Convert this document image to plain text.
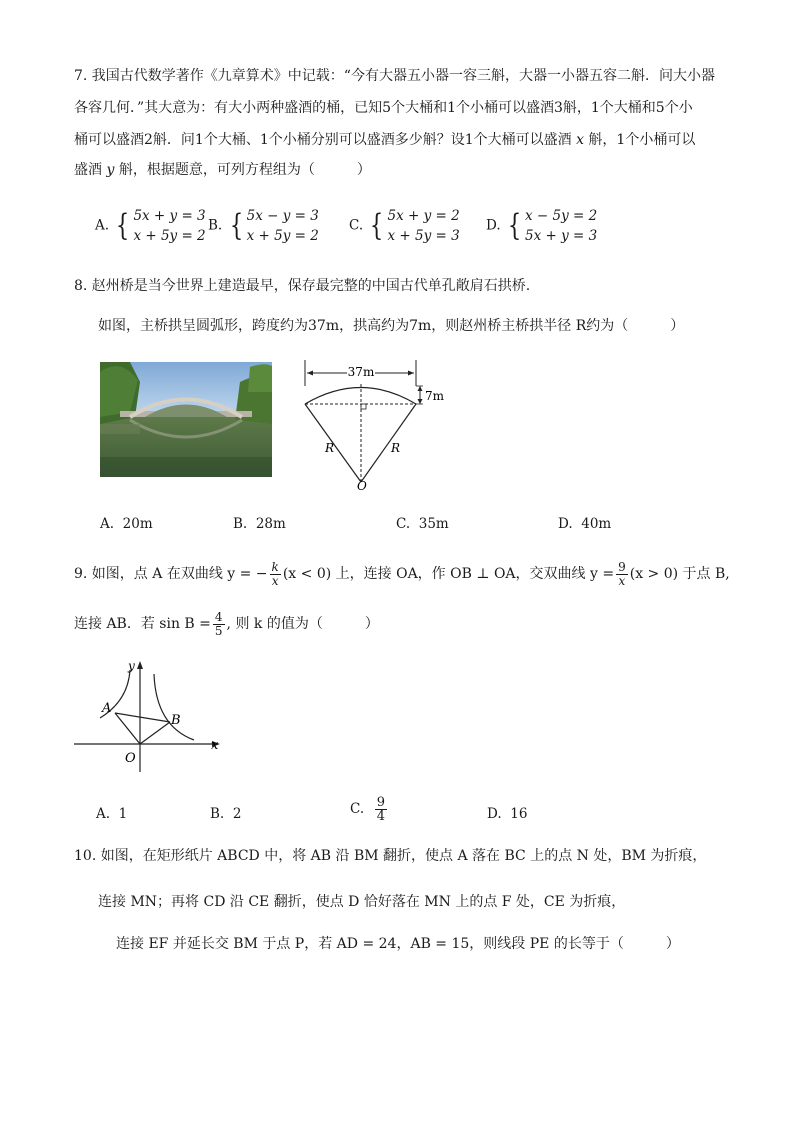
7. 我国古代数学著作《九章算术》中记载：“今有大器五小器一容三斛，大器一小器五容二斛．问大小器
各容几何．”其大意为：有大小两种盛酒的桶，已知5个大桶和1个小桶可以盛酒3斛，1个大桶和5个小
桶可以盛酒2斛．问1个大桶、1个小桶分别可以盛酒多少斛？设1个大桶可以盛酒 x 斛，1个小桶可以
盛酒 y 斛，根据题意，可列方程组为（　　　）
A. { 5x + y = 3
x + 5y = 2
B. { 5x − y = 3
x + 5y = 2
C. { 5x + y = 2
x + 5y = 3
D. { x − 5y = 2
5x + y = 3
8. 赵州桥是当今世界上建造最早，保存最完整的中国古代单孔敞肩石拱桥.
如图，主桥拱呈圆弧形，跨度约为37m，拱高约为7m，则赵州桥主桥拱半径 R约为（　　　）
37m
7m
R	R
O
A. 20m	B. 28m	C. 35m	D. 40m
9. 如图，点 A 在双曲线 y = − $\frac{k}{x} (x < 0)$ 上，连接 OA，作 OB ⊥ OA，交双曲线 $y = \frac{9}{x} (x > 0)$ 于点 B,
连接 AB．若 $\sin B = \frac{4}{5}$ , 则 k 的值为（　　　）
y
x
A
B
O
A. 1	B. 2	C. $\frac{9}{4}$	D. 16
10. 如图，在矩形纸片 ABCD 中，将 AB 沿 BM 翻折，使点 A 落在 BC 上的点 N 处，BM 为折痕，
连接 MN；再将 CD 沿 CE 翻折，使点 D 恰好落在 MN 上的点 F 处，CE 为折痕，
连接 EF 并延长交 BM 于点 P，若 AD = 24，AB = 15，则线段 PE 的长等于（　　　）
